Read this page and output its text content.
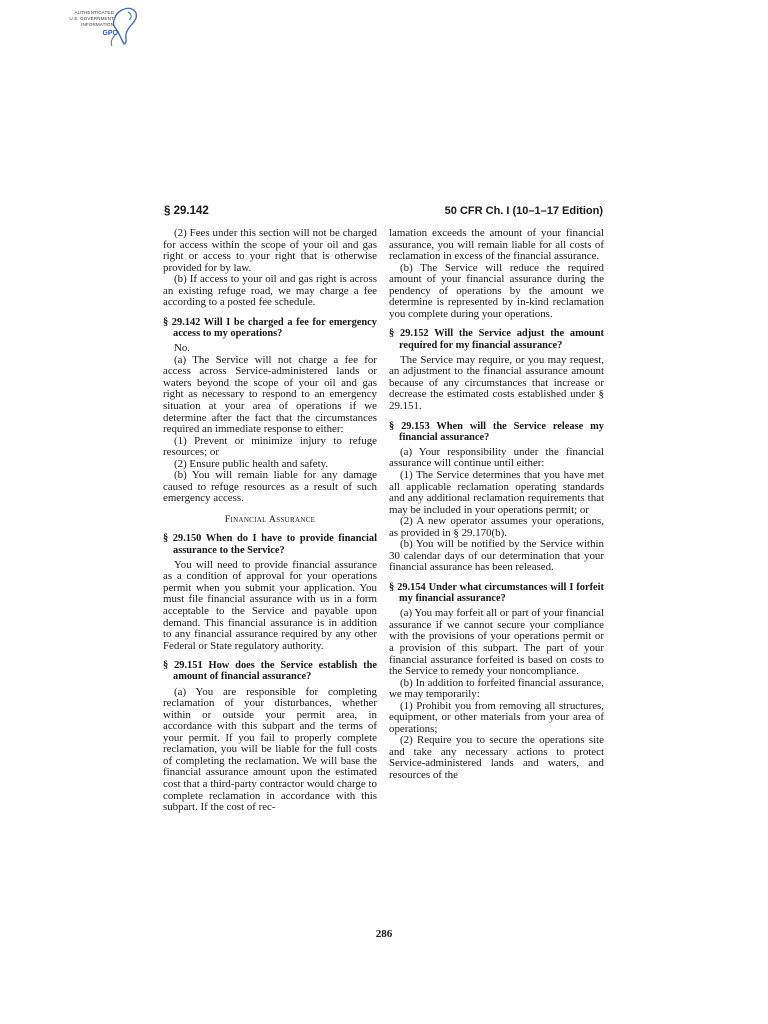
AUTHENTICATED
U.S. GOVERNMENT
INFORMATION
GPO
§ 29.142	50 CFR Ch. I (10–1–17 Edition)

(2) Fees under this section will not be charged for access within the scope of your oil and gas right or access to your right that is otherwise provided for by law.

(b) If access to your oil and gas right is across an existing refuge road, we may charge a fee according to a posted fee schedule.

§ 29.142 Will I be charged a fee for emergency access to my operations?

No.

(a) The Service will not charge a fee for access across Service-administered lands or waters beyond the scope of your oil and gas right as necessary to respond to an emergency situation at your area of operations if we determine after the fact that the circumstances required an immediate response to either:

(1) Prevent or minimize injury to refuge resources; or

(2) Ensure public health and safety.

(b) You will remain liable for any damage caused to refuge resources as a result of such emergency access.

Financial Assurance

§ 29.150 When do I have to provide financial assurance to the Service?

You will need to provide financial assurance as a condition of approval for your operations permit when you submit your application. You must file financial assurance with us in a form acceptable to the Service and payable upon demand. This financial assurance is in addition to any financial assurance required by any other Federal or State regulatory authority.

§ 29.151 How does the Service establish the amount of financial assurance?

(a) You are responsible for completing reclamation of your disturbances, whether within or outside your permit area, in accordance with this subpart and the terms of your permit. If you fail to properly complete reclamation, you will be liable for the full costs of completing the reclamation. We will base the financial assurance amount upon the estimated cost that a third-party contractor would charge to complete reclamation in accordance with this subpart. If the cost of rec-

lamation exceeds the amount of your financial assurance, you will remain liable for all costs of reclamation in excess of the financial assurance.

(b) The Service will reduce the required amount of your financial assurance during the pendency of operations by the amount we determine is represented by in-kind reclamation you complete during your operations.

§ 29.152 Will the Service adjust the amount required for my financial assurance?

The Service may require, or you may request, an adjustment to the financial assurance amount because of any circumstances that increase or decrease the estimated costs established under § 29.151.

§ 29.153 When will the Service release my financial assurance?

(a) Your responsibility under the financial assurance will continue until either:

(1) The Service determines that you have met all applicable reclamation operating standards and any additional reclamation requirements that may be included in your operations permit; or

(2) A new operator assumes your operations, as provided in § 29.170(b).

(b) You will be notified by the Service within 30 calendar days of our determination that your financial assurance has been released.

§ 29.154 Under what circumstances will I forfeit my financial assurance?

(a) You may forfeit all or part of your financial assurance if we cannot secure your compliance with the provisions of your operations permit or a provision of this subpart. The part of your financial assurance forfeited is based on costs to the Service to remedy your noncompliance.

(b) In addition to forfeited financial assurance, we may temporarily:

(1) Prohibit you from removing all structures, equipment, or other materials from your area of operations;

(2) Require you to secure the operations site and take any necessary actions to protect Service-administered lands and waters, and resources of the

286
